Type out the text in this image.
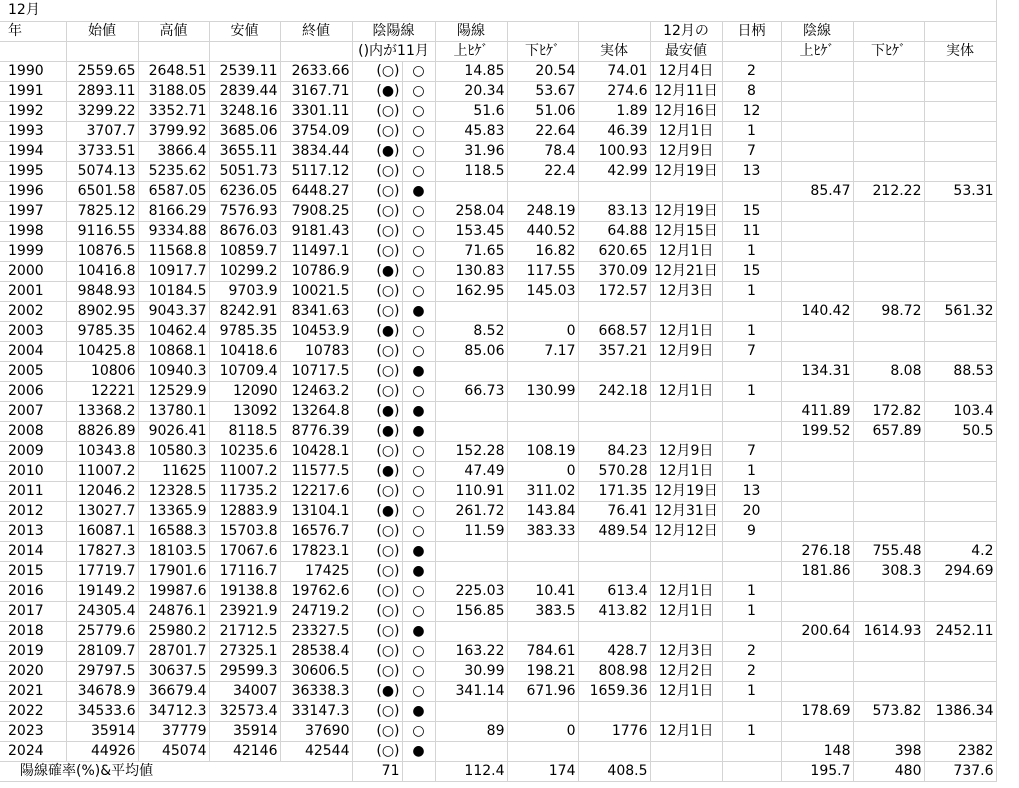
12月														
年	始値	高値	安値	終値	陰陽線		陽線			12月の	日柄	陰線		
					()内が11月		上ﾋｹﾞ	下ﾋｹﾞ	実体	最安値		上ﾋｹﾞ	下ﾋｹﾞ	実体
1990	2559.65	2648.51	2539.11	2633.66	(○)	○	14.85	20.54	74.01	12月4日	2			
1991	2893.11	3188.05	2839.44	3167.71	(●)	○	20.34	53.67	274.6	12月11日	8			
1992	3299.22	3352.71	3248.16	3301.11	(○)	○	51.6	51.06	1.89	12月16日	12			
1993	3707.7	3799.92	3685.06	3754.09	(○)	○	45.83	22.64	46.39	12月1日	1			
1994	3733.51	3866.4	3655.11	3834.44	(●)	○	31.96	78.4	100.93	12月9日	7			
1995	5074.13	5235.62	5051.73	5117.12	(○)	○	118.5	22.4	42.99	12月19日	13			
1996	6501.58	6587.05	6236.05	6448.27	(○)	●						85.47	212.22	53.31
1997	7825.12	8166.29	7576.93	7908.25	(○)	○	258.04	248.19	83.13	12月19日	15			
1998	9116.55	9334.88	8676.03	9181.43	(○)	○	153.45	440.52	64.88	12月15日	11			
1999	10876.5	11568.8	10859.7	11497.1	(○)	○	71.65	16.82	620.65	12月1日	1			
2000	10416.8	10917.7	10299.2	10786.9	(●)	○	130.83	117.55	370.09	12月21日	15			
2001	9848.93	10184.5	9703.9	10021.5	(○)	○	162.95	145.03	172.57	12月3日	1			
2002	8902.95	9043.37	8242.91	8341.63	(○)	●						140.42	98.72	561.32
2003	9785.35	10462.4	9785.35	10453.9	(●)	○	8.52	0	668.57	12月1日	1			
2004	10425.8	10868.1	10418.6	10783	(○)	○	85.06	7.17	357.21	12月9日	7			
2005	10806	10940.3	10709.4	10717.5	(○)	●						134.31	8.08	88.53
2006	12221	12529.9	12090	12463.2	(○)	○	66.73	130.99	242.18	12月1日	1			
2007	13368.2	13780.1	13092	13264.8	(●)	●						411.89	172.82	103.4
2008	8826.89	9026.41	8118.5	8776.39	(●)	●						199.52	657.89	50.5
2009	10343.8	10580.3	10235.6	10428.1	(○)	○	152.28	108.19	84.23	12月9日	7			
2010	11007.2	11625	11007.2	11577.5	(●)	○	47.49	0	570.28	12月1日	1			
2011	12046.2	12328.5	11735.2	12217.6	(○)	○	110.91	311.02	171.35	12月19日	13			
2012	13027.7	13365.9	12883.9	13104.1	(●)	○	261.72	143.84	76.41	12月31日	20			
2013	16087.1	16588.3	15703.8	16576.7	(○)	○	11.59	383.33	489.54	12月12日	9			
2014	17827.3	18103.5	17067.6	17823.1	(○)	●						276.18	755.48	4.2
2015	17719.7	17901.6	17116.7	17425	(○)	●						181.86	308.3	294.69
2016	19149.2	19987.6	19138.8	19762.6	(○)	○	225.03	10.41	613.4	12月1日	1			
2017	24305.4	24876.1	23921.9	24719.2	(○)	○	156.85	383.5	413.82	12月1日	1			
2018	25779.6	25980.2	21712.5	23327.5	(○)	●						200.64	1614.93	2452.11
2019	28109.7	28701.7	27325.1	28538.4	(○)	○	163.22	784.61	428.7	12月3日	2			
2020	29797.5	30637.5	29599.3	30606.5	(○)	○	30.99	198.21	808.98	12月2日	2			
2021	34678.9	36679.4	34007	36338.3	(●)	○	341.14	671.96	1659.36	12月1日	1			
2022	34533.6	34712.3	32573.4	33147.3	(○)	●						178.69	573.82	1386.34
2023	35914	37779	35914	37690	(○)	○	89	0	1776	12月1日	1			
2024	44926	45074	42146	42544	(○)	●						148	398	2382
陽線確率(%)&平均値					71		112.4	174	408.5			195.7	480	737.6
